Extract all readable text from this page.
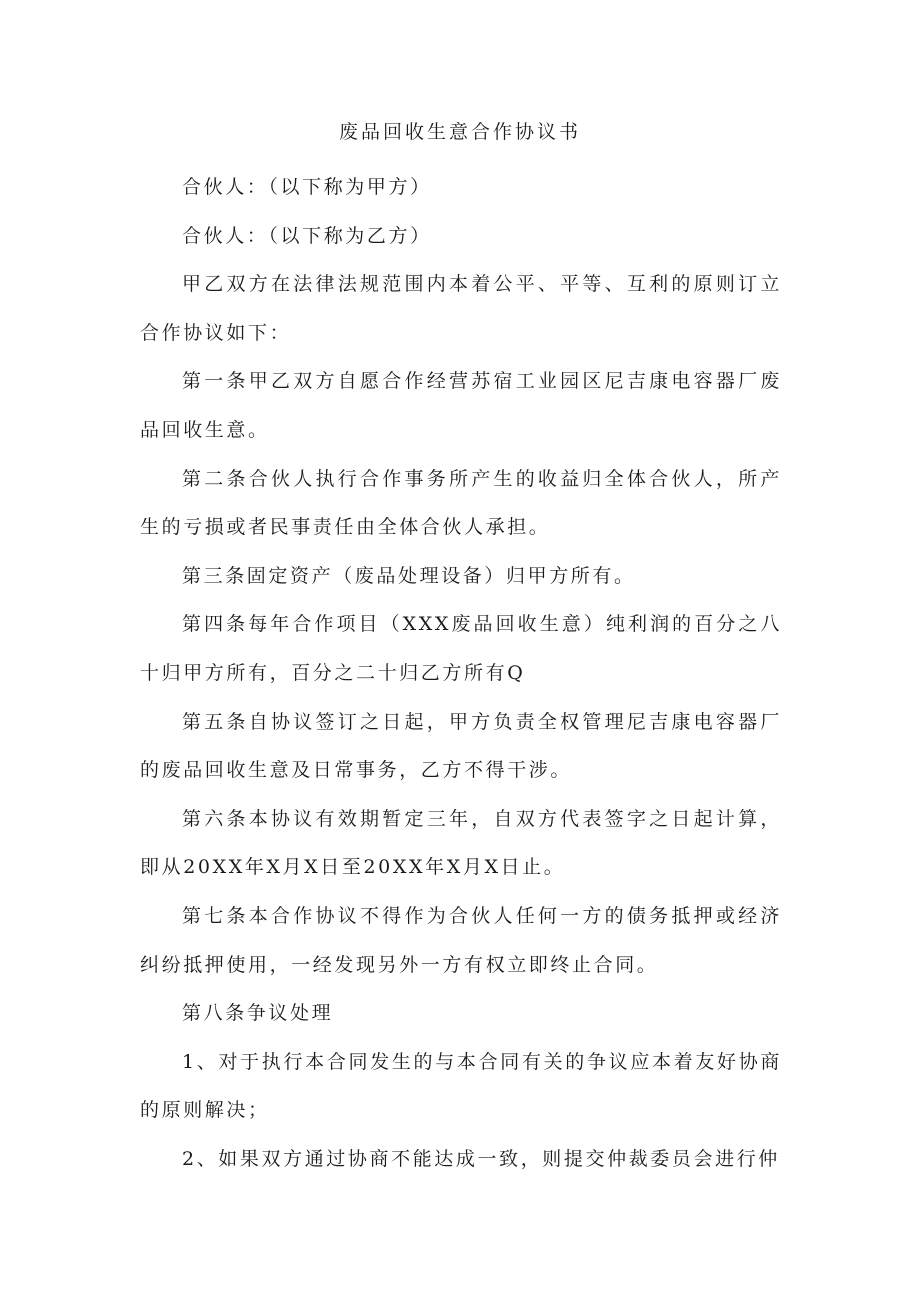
废品回收生意合作协议书

合伙人：（以下称为甲方）

合伙人：（以下称为乙方）

甲乙双方在法律法规范围内本着公平、平等、互利的原则订立合作协议如下：

第一条甲乙双方自愿合作经营苏宿工业园区尼吉康电容器厂废品回收生意。

第二条合伙人执行合作事务所产生的收益归全体合伙人，所产生的亏损或者民事责任由全体合伙人承担。

第三条固定资产（废品处理设备）归甲方所有。

第四条每年合作项目（XXX废品回收生意）纯利润的百分之八十归甲方所有，百分之二十归乙方所有Q

第五条自协议签订之日起，甲方负责全权管理尼吉康电容器厂的废品回收生意及日常事务，乙方不得干涉。

第六条本协议有效期暂定三年，自双方代表签字之日起计算，即从20XX年X月X日至20XX年X月X日止。

第七条本合作协议不得作为合伙人任何一方的债务抵押或经济纠纷抵押使用，一经发现另外一方有权立即终止合同。

第八条争议处理

1、对于执行本合同发生的与本合同有关的争议应本着友好协商的原则解决；

2、如果双方通过协商不能达成一致，则提交仲裁委员会进行仲
